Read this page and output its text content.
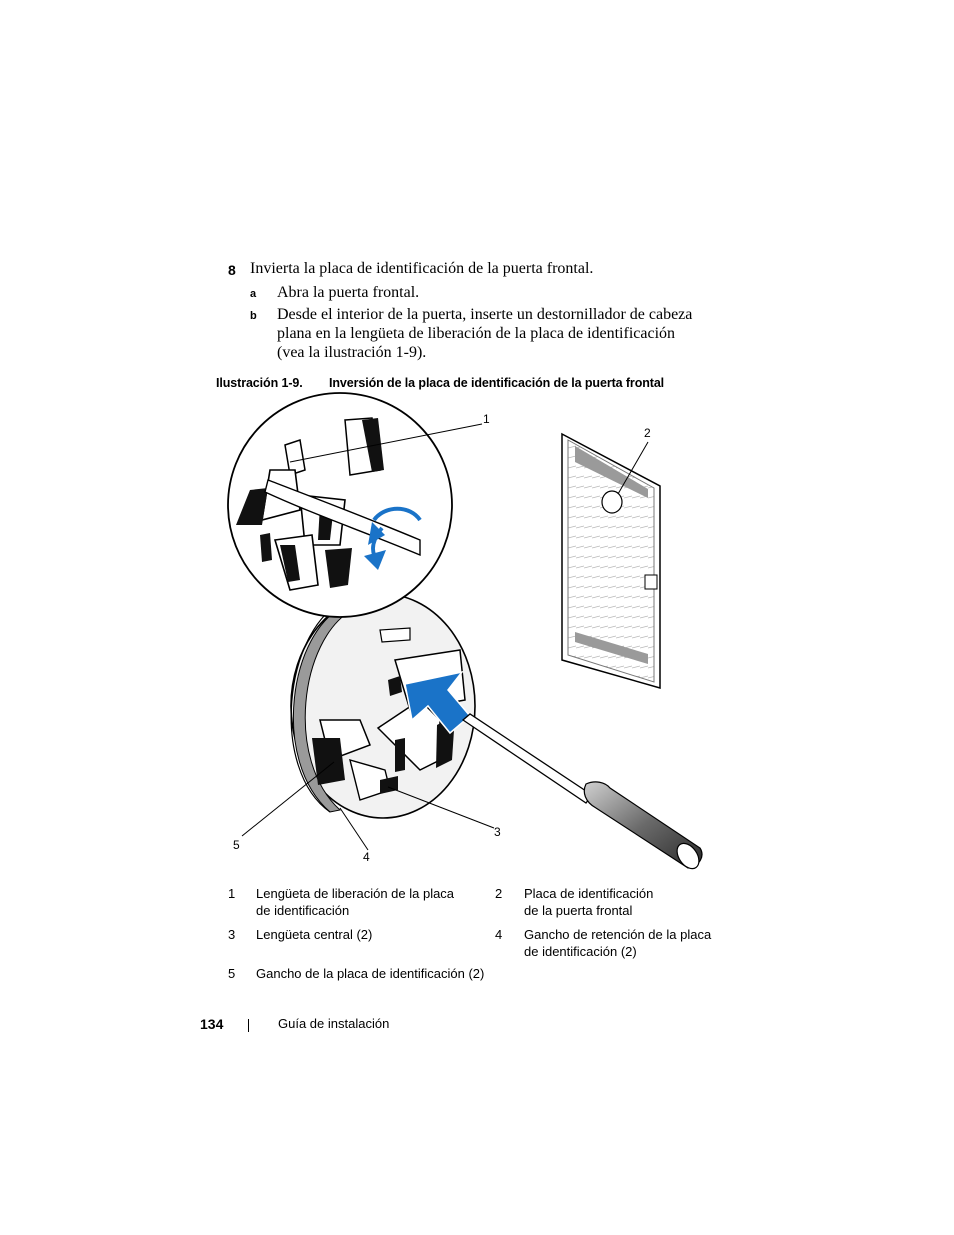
8 Invierta la placa de identificación de la puerta frontal.
a Abra la puerta frontal.
b Desde el interior de la puerta, inserte un destornillador de cabeza
plana en la lengüeta de liberación de la placa de identificación
(vea la ilustración 1-9).
Ilustración 1-9. Inversión de la placa de identificación de la puerta frontal
1
2
3
4
5
1 Lengüeta de liberación de la placa
de identificación
2 Placa de identificación
de la puerta frontal
3 Lengüeta central (2)	4 Gancho de retención de la placa
de identificación (2)
5 Gancho de la placa de identificación (2)
134	Guía de instalación
